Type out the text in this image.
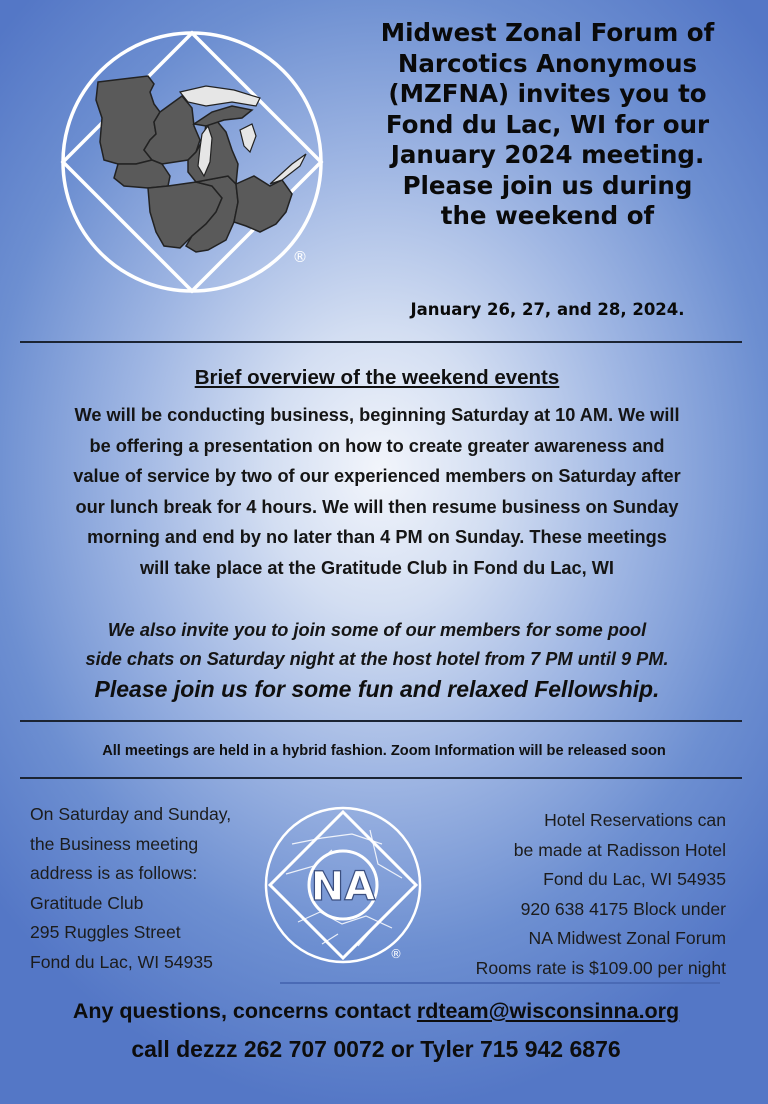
®
Midwest Zonal Forum of
Narcotics Anonymous
(MZFNA) invites you to
Fond du Lac, WI for our
January 2024 meeting.
Please join us during
the weekend of
January 26, 27, and 28, 2024.
Brief overview of the weekend events
We will be conducting business, beginning Saturday at 10 AM. We will
be offering a presentation on how to create greater awareness and
value of service by two of our experienced members on Saturday after
our lunch break for 4 hours. We will then resume business on Sunday
morning and end by no later than 4 PM on Sunday. These meetings
will take place at the Gratitude Club in Fond du Lac, WI
We also invite you to join some of our members for some pool
side chats on Saturday night at the host hotel from 7 PM until 9 PM.
Please join us for some fun and relaxed Fellowship.
All meetings are held in a hybrid fashion. Zoom Information will be released soon
On Saturday and Sunday,
the Business meeting
address is as follows:
Gratitude Club
295 Ruggles Street
Fond du Lac, WI 54935
NA
®
Hotel Reservations can
be made at Radisson Hotel
Fond du Lac, WI 54935
920 638 4175 Block under
NA Midwest Zonal Forum
Rooms rate is $109.00 per night
Any questions, concerns contact rdteam@wisconsinna.org
call dezzz 262 707 0072 or Tyler 715 942 6876
